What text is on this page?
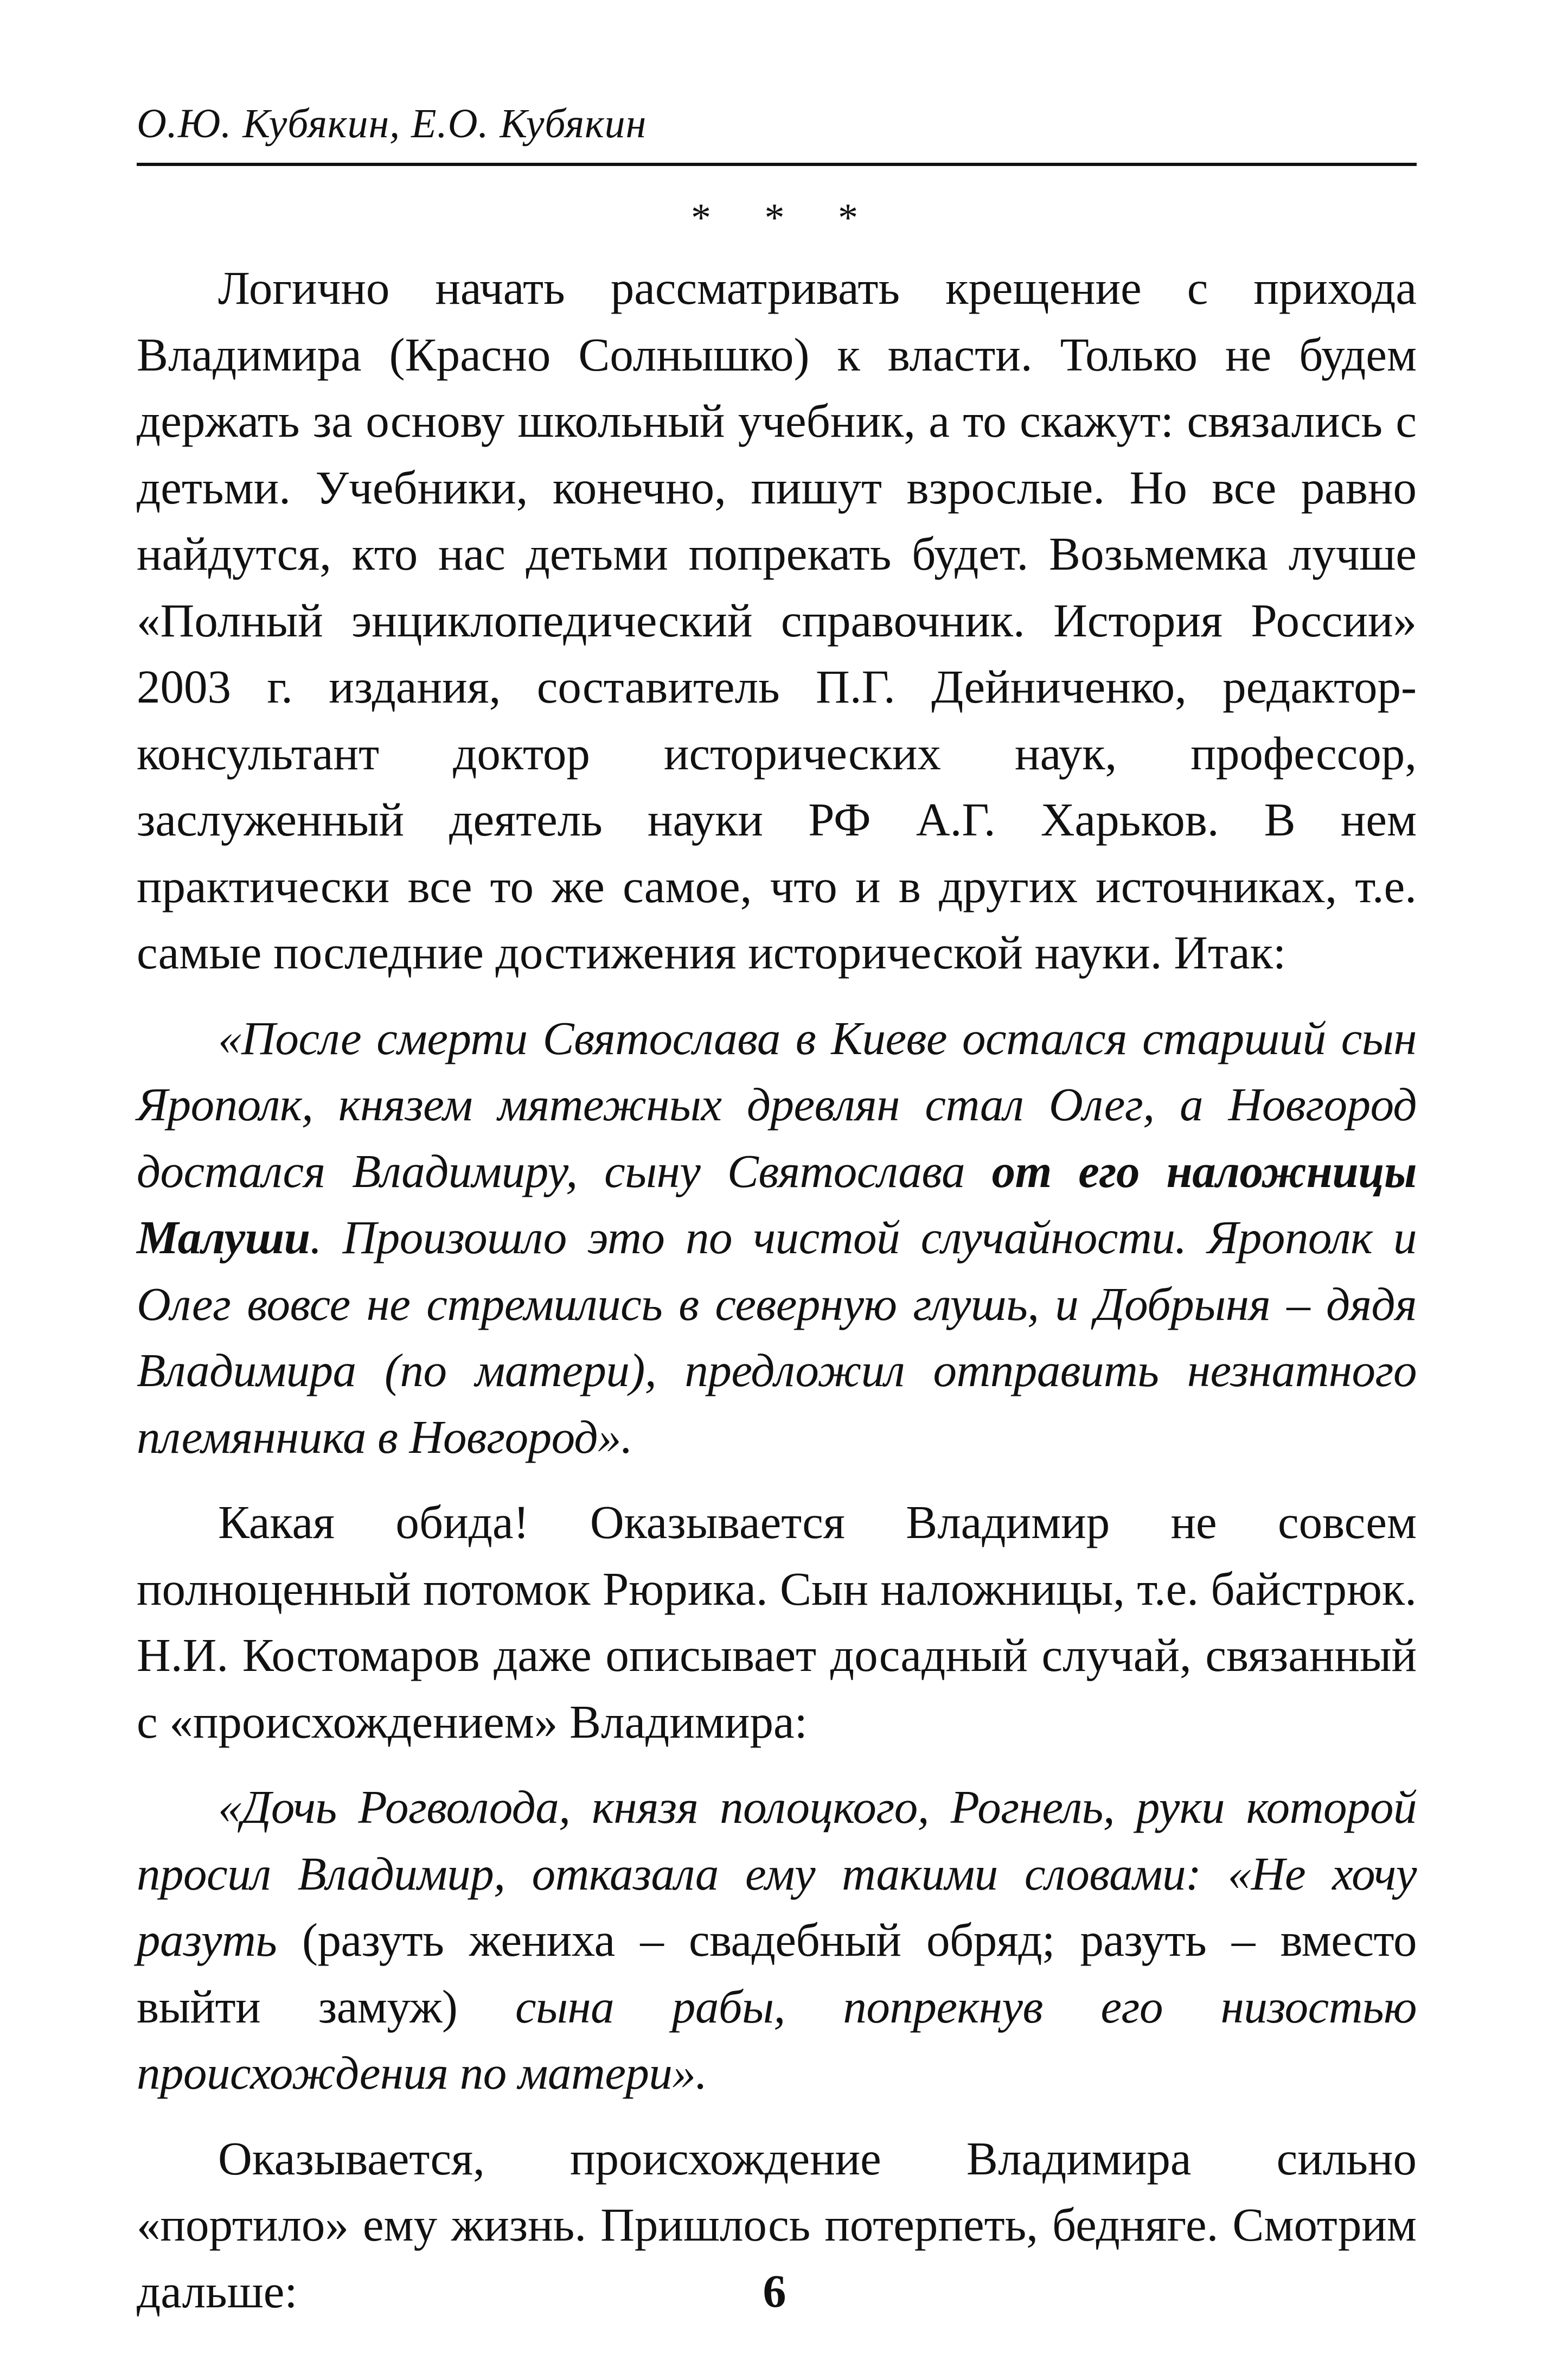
О.Ю. Кубякин, Е.О. Кубякин
* * *

Логично начать рассматривать крещение с прихода Владимира (Красно Солнышко) к власти. Только не будем держать за основу школьный учебник, а то скажут: связались с детьми. Учебники, конечно, пишут взрослые. Но все равно найдутся, кто нас детьми попрекать будет. Возьмемка лучше «Полный энциклопедический справочник. История России» 2003 г. издания, составитель П.Г. Дейниченко, редактор-консультант доктор исторических наук, профессор, заслуженный деятель науки РФ А.Г. Харьков. В нем практически все то же самое, что и в других источниках, т.е. самые последние достижения исторической науки. Итак:

«После смерти Святослава в Киеве остался старший сын Ярополк, князем мятежных древлян стал Олег, а Новгород достался Владимиру, сыну Святослава от его наложницы Малуши. Произошло это по чистой случайности. Ярополк и Олег вовсе не стремились в северную глушь, и Добрыня – дядя Владимира (по матери), предложил отправить незнатного племянника в Новгород».

Какая обида! Оказывается Владимир не совсем полноценный потомок Рюрика. Сын наложницы, т.е. байстрюк. Н.И. Костомаров даже описывает досадный случай, связанный с «происхождением» Владимира:

«Дочь Рогволода, князя полоцкого, Рогнель, руки которой просил Владимир, отказала ему такими словами: «Не хочу разуть (разуть жениха – свадебный обряд; разуть – вместо выйти замуж) сына рабы, попрекнув его низостью происхождения по матери».

Оказывается, происхождение Владимира сильно «портило» ему жизнь. Пришлось потерпеть, бедняге. Смотрим дальше:	6
